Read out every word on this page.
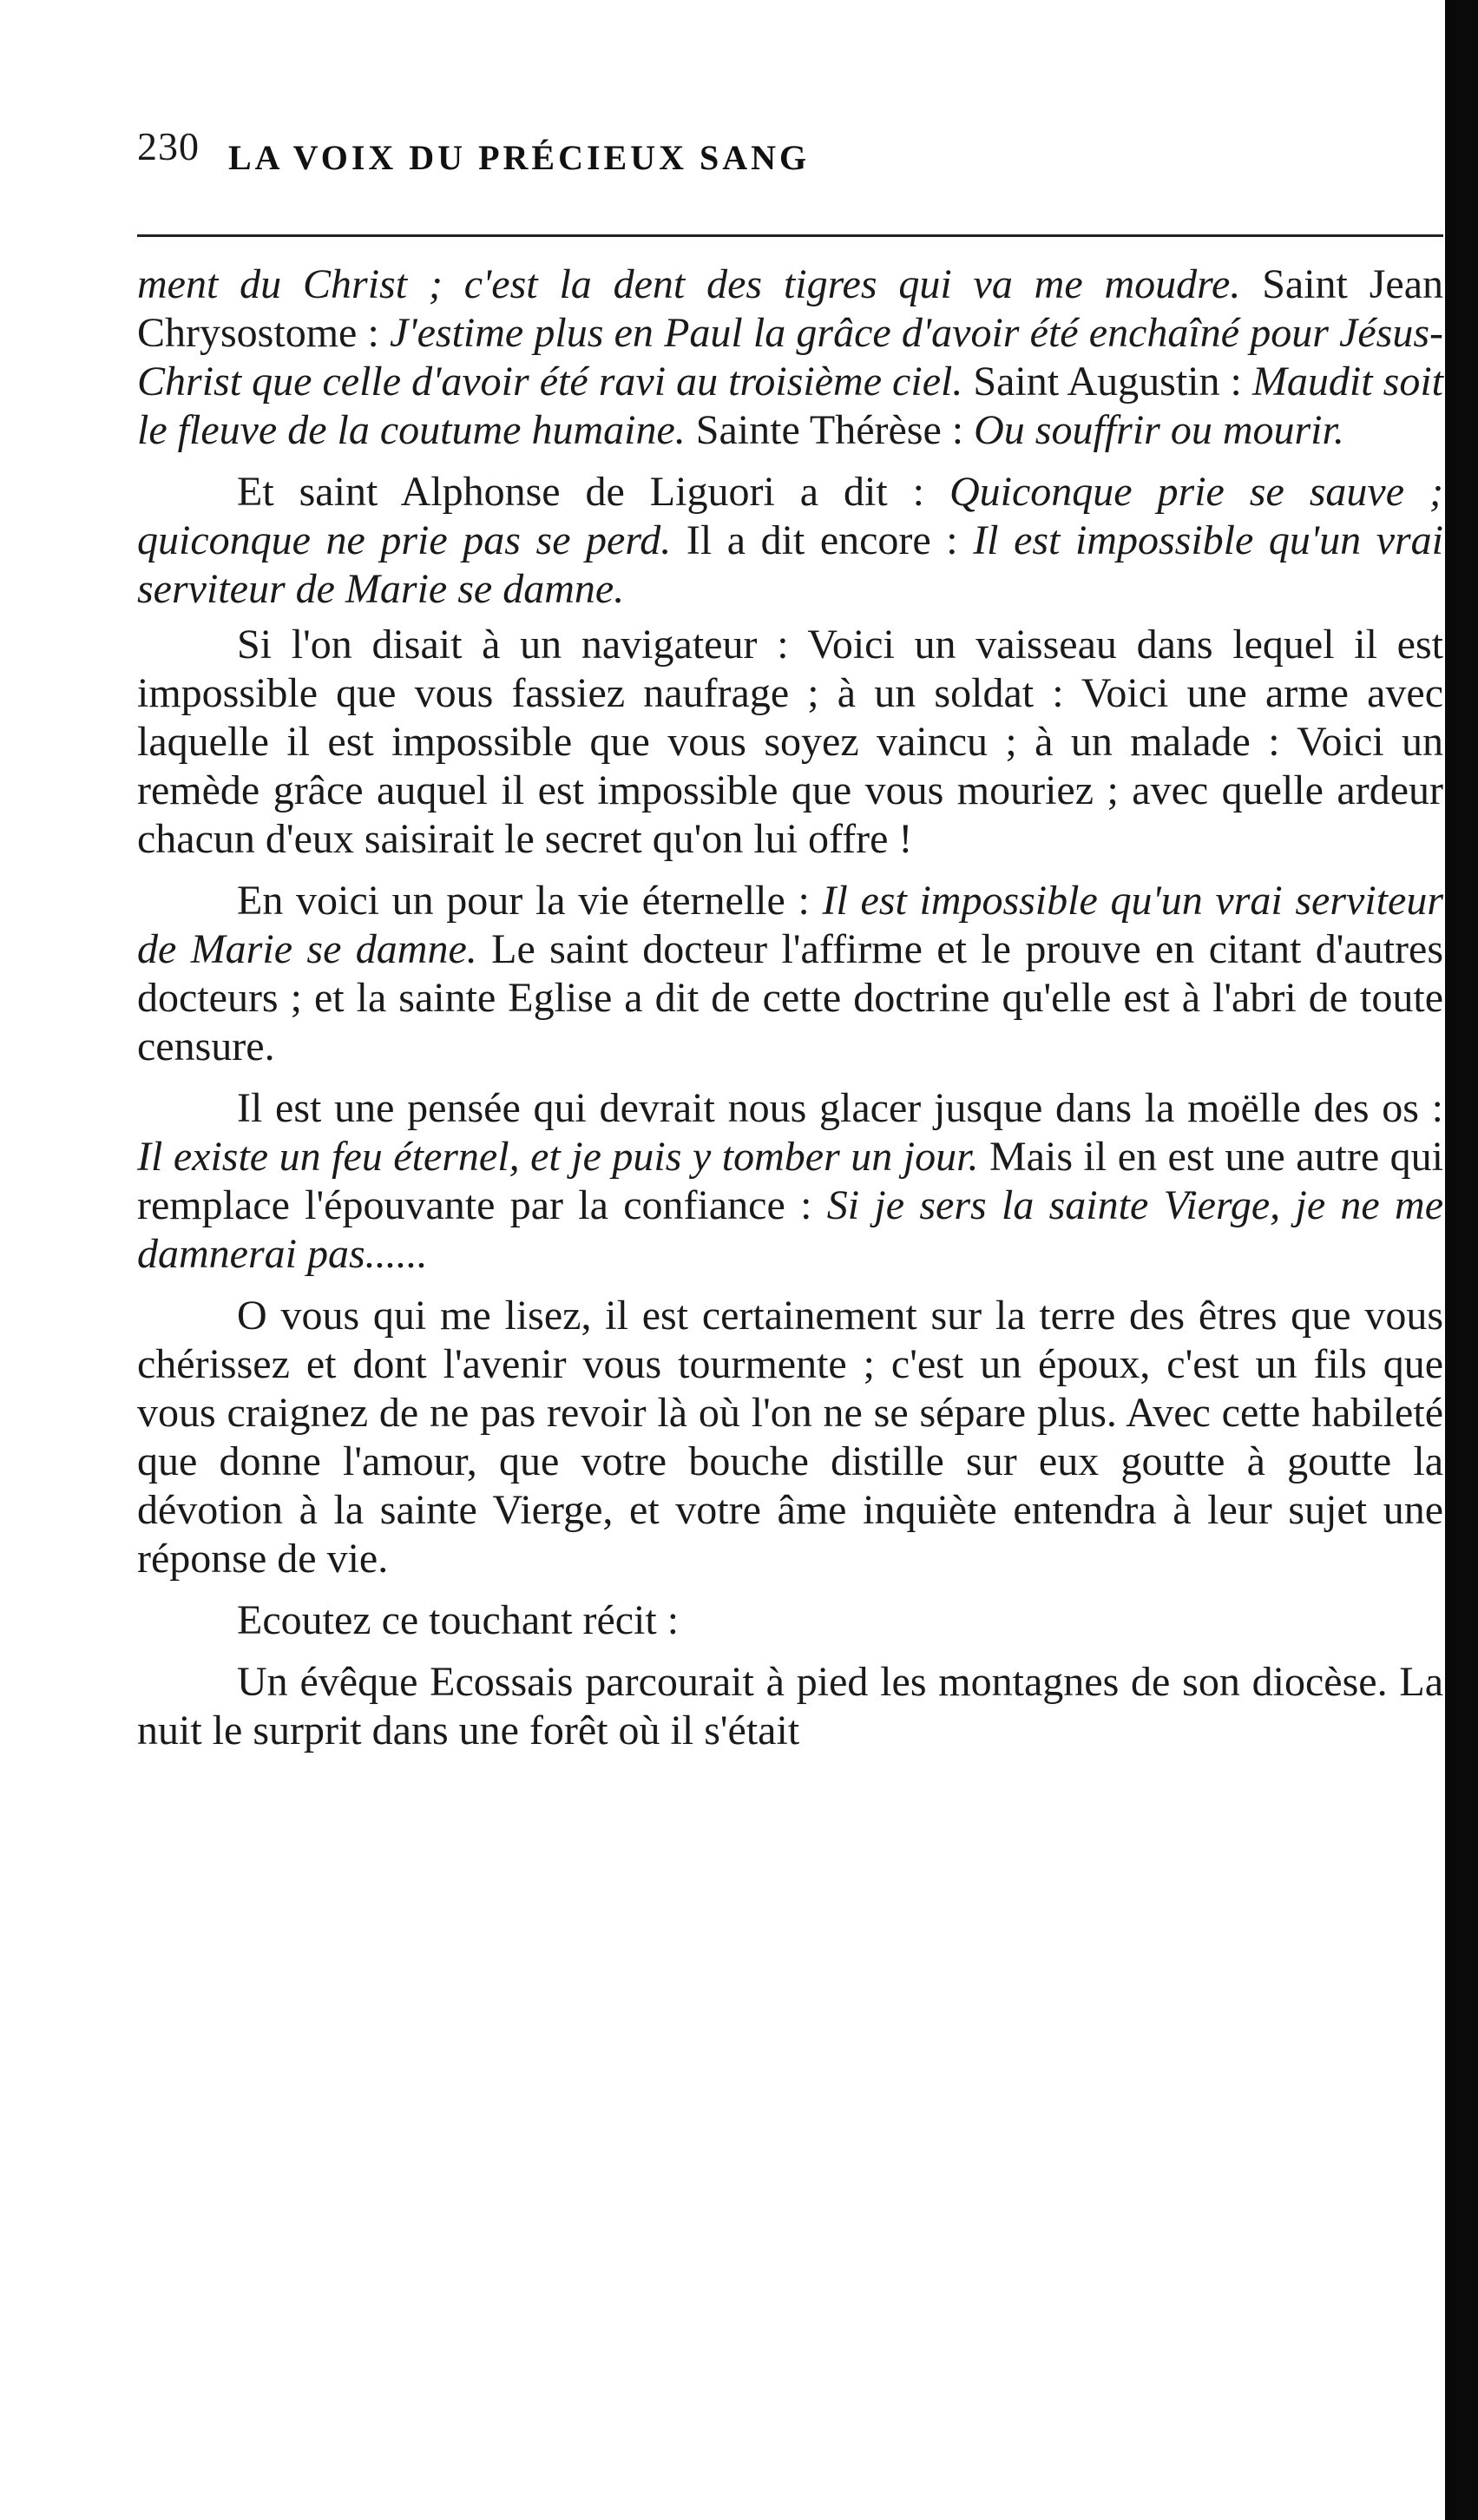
230 LA VOIX DU PRÉCIEUX SANG

ment du Christ ; c'est la dent des tigres qui va me moudre. Saint Jean Chrysostome : J'estime plus en Paul la grâce d'avoir été enchaîné pour Jésus-Christ que celle d'avoir été ravi au troisième ciel. Saint Augustin : Maudit soit le fleuve de la coutume humaine. Sainte Thérèse : Ou souffrir ou mourir.

Et saint Alphonse de Liguori a dit : Quiconque prie se sauve ; quiconque ne prie pas se perd. Il a dit encore : Il est impossible qu'un vrai serviteur de Marie se damne.

Si l'on disait à un navigateur : Voici un vaisseau dans lequel il est impossible que vous fassiez naufrage ; à un soldat : Voici une arme avec laquelle il est impossible que vous soyez vaincu ; à un malade : Voici un remède grâce auquel il est impossible que vous mouriez ; avec quelle ardeur chacun d'eux saisirait le secret qu'on lui offre !

En voici un pour la vie éternelle : Il est impossible qu'un vrai serviteur de Marie se damne. Le saint docteur l'affirme et le prouve en citant d'autres docteurs ; et la sainte Eglise a dit de cette doctrine qu'elle est à l'abri de toute censure.

Il est une pensée qui devrait nous glacer jusque dans la moëlle des os : Il existe un feu éternel, et je puis y tomber un jour. Mais il en est une autre qui remplace l'épouvante par la confiance : Si je sers la sainte Vierge, je ne me damnerai pas......

O vous qui me lisez, il est certainement sur la terre des êtres que vous chérissez et dont l'avenir vous tourmente ; c'est un époux, c'est un fils que vous craignez de ne pas revoir là où l'on ne se sépare plus. Avec cette habileté que donne l'amour, que votre bouche distille sur eux goutte à goutte la dévotion à la sainte Vierge, et votre âme inquiète entendra à leur sujet une réponse de vie.

Ecoutez ce touchant récit :

Un évêque Ecossais parcourait à pied les montagnes de son diocèse. La nuit le surprit dans une forêt où il s'était
